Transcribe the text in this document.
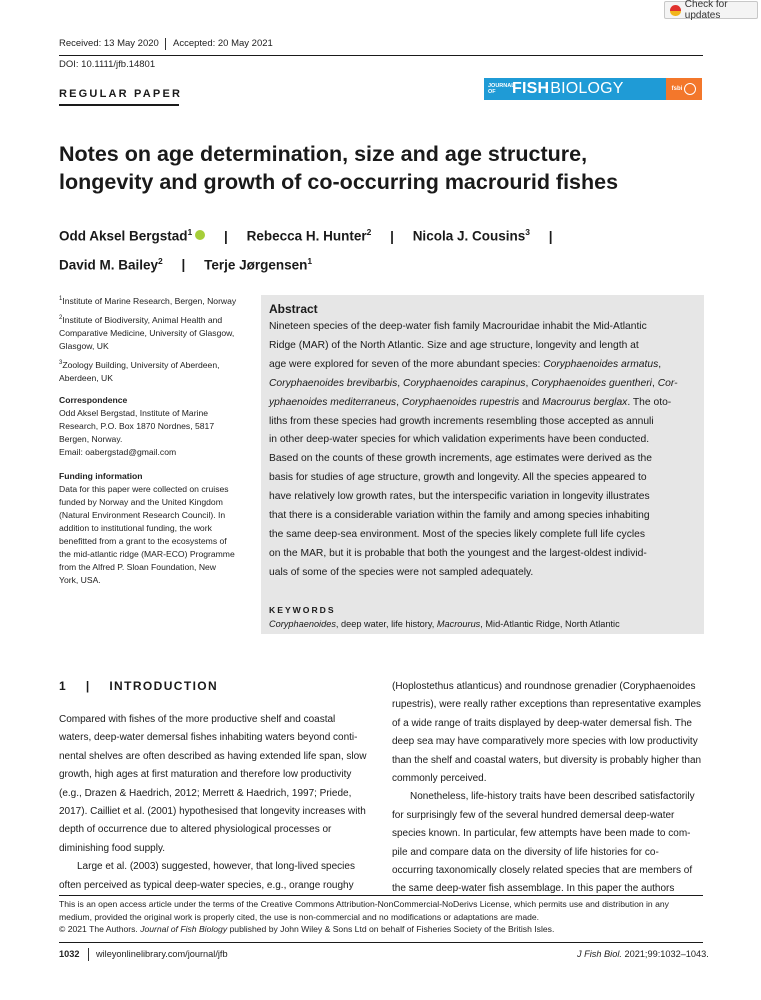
Check for updates
Received: 13 May 2020 Accepted: 20 May 2021
DOI: 10.1111/jfb.14801
REGULAR PAPER
JOURNAL OF	FISH BIOLOGY	fsbi
Notes on age determination, size and age structure,
longevity and growth of co-occurring macrourid fishes
Odd Aksel Bergstad$^1$ | Rebecca H. Hunter$^2$ | Nicola J. Cousins$^3$ |
David M. Bailey$^2$ | Terje Jørgensen$^1$
$^1$Institute of Marine Research, Bergen, Norway
$^2$Institute of Biodiversity, Animal Health and
Comparative Medicine, University of Glasgow,
Glasgow, UK
$^3$Zoology Building, University of Aberdeen,
Aberdeen, UK
Correspondence
Odd Aksel Bergstad, Institute of Marine
Research, P.O. Box 1870 Nordnes, 5817
Bergen, Norway.
Email: oabergstad@gmail.com
Funding information
Data for this paper were collected on cruises
funded by Norway and the United Kingdom
(Natural Environment Research Council). In
addition to institutional funding, the work
benefitted from a grant to the ecosystems of
the mid-atlantic ridge (MAR-ECO) Programme
from the Alfred P. Sloan Foundation, New
York, USA.
Abstract
Nineteen species of the deep-water fish family Macrouridae inhabit the Mid-Atlantic
Ridge (MAR) of the North Atlantic. Size and age structure, longevity and length at
age were explored for seven of the more abundant species: Coryphaenoides armatus,
Coryphaenoides brevibarbis, Coryphaenoides carapinus, Coryphaenoides guentheri, Cor-
yphaenoides mediterraneus, Coryphaenoides rupestris and Macrourus berglax. The oto-
liths from these species had growth increments resembling those accepted as annuli
in other deep-water species for which validation experiments have been conducted.
Based on the counts of these growth increments, age estimates were derived as the
basis for studies of age structure, growth and longevity. All the species appeared to
have relatively low growth rates, but the interspecific variation in longevity illustrates
that there is a considerable variation within the family and among species inhabiting
the same deep-sea environment. Most of the species likely complete full life cycles
on the MAR, but it is probable that both the youngest and the largest-oldest individ-
uals of some of the species were not sampled adequately.
KEYWORDS
Coryphaenoides, deep water, life history, Macrourus, Mid-Atlantic Ridge, North Atlantic
1 | INTRODUCTION
Compared with fishes of the more productive shelf and coastal
waters, deep-water demersal fishes inhabiting waters beyond conti-
nental shelves are often described as having extended life span, slow
growth, high ages at first maturation and therefore low productivity
(e.g., Drazen & Haedrich, 2012; Merrett & Haedrich, 1997; Priede,
2017). Cailliet et al. (2001) hypothesised that longevity increases with
depth of occurrence due to altered physiological processes or
diminishing food supply.
Large et al. (2003) suggested, however, that long-lived species
often perceived as typical deep-water species, e.g., orange roughy
(Hoplostethus atlanticus) and roundnose grenadier (Coryphaenoides
rupestris), were really rather exceptions than representative examples
of a wide range of traits displayed by deep-water demersal fish. The
deep sea may have comparatively more species with low productivity
than the shelf and coastal waters, but diversity is probably higher than
commonly perceived.
Nonetheless, life-history traits have been described satisfactorily
for surprisingly few of the several hundred demersal deep-water
species known. In particular, few attempts have been made to com-
pile and compare data on the diversity of life histories for co-
occurring taxonomically closely related species that are members of
the same deep-water fish assemblage. In this paper the authors
This is an open access article under the terms of the Creative Commons Attribution-NonCommercial-NoDerivs License, which permits use and distribution in any
medium, provided the original work is properly cited, the use is non-commercial and no modifications or adaptations are made.
© 2021 The Authors. Journal of Fish Biology published by John Wiley & Sons Ltd on behalf of Fisheries Society of the British Isles.
1032 wileyonlinelibrary.com/journal/jfb	J Fish Biol. 2021;99:1032–1043.
